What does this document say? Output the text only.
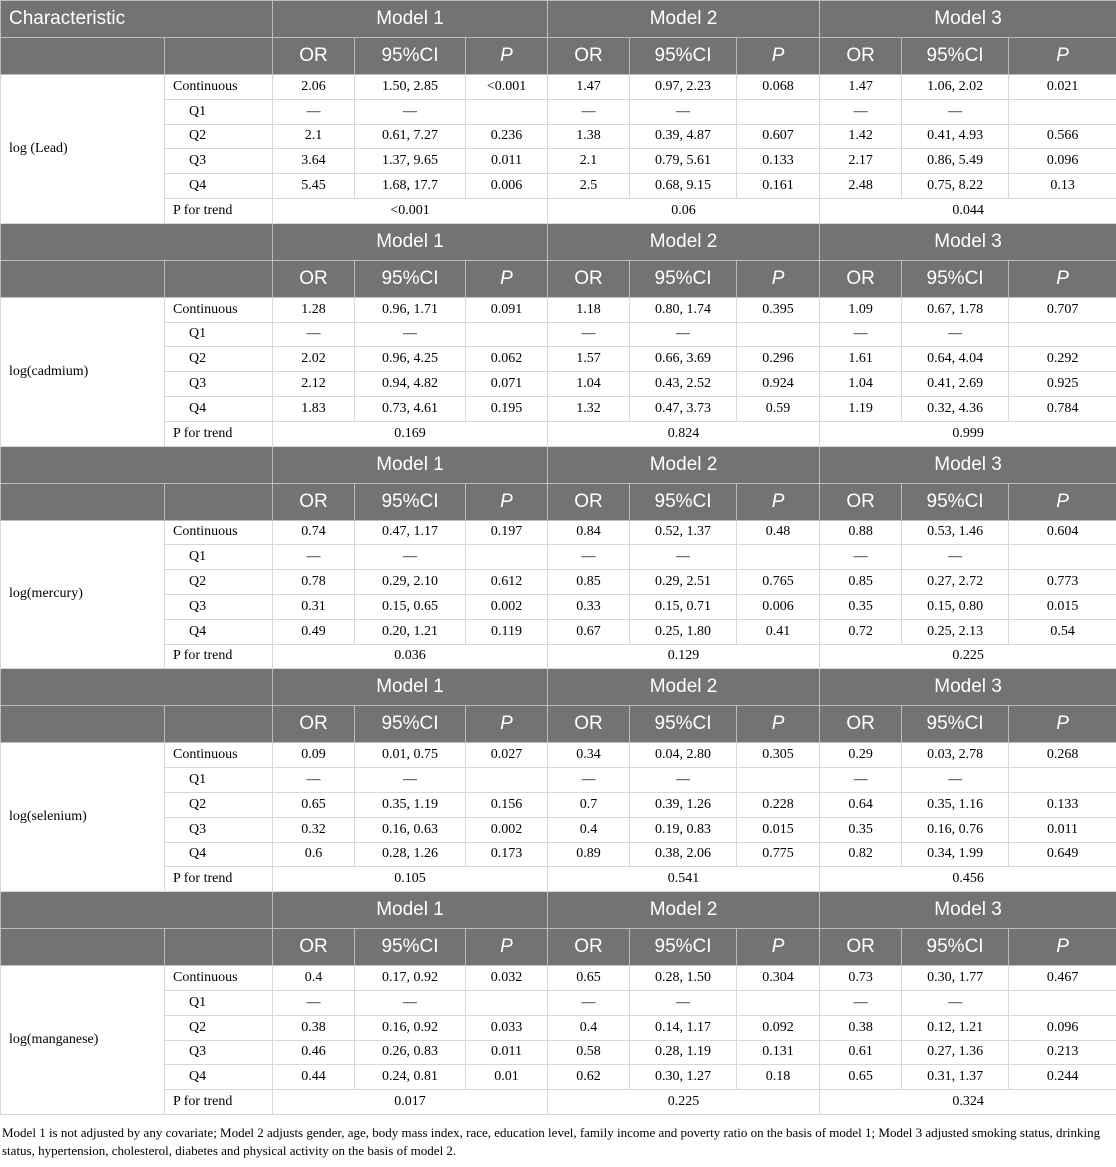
Characteristic		Model 1			Model 2			Model 3		
		OR	95%CI	P	OR	95%CI	P	OR	95%CI	P
log (Lead)	Continuous	2.06	1.50, 2.85	<0.001	1.47	0.97, 2.23	0.068	1.47	1.06, 2.02	0.021
	Q1	—	—		—	—		—	—	
	Q2	2.1	0.61, 7.27	0.236	1.38	0.39, 4.87	0.607	1.42	0.41, 4.93	0.566
	Q3	3.64	1.37, 9.65	0.011	2.1	0.79, 5.61	0.133	2.17	0.86, 5.49	0.096
	Q4	5.45	1.68, 17.7	0.006	2.5	0.68, 9.15	0.161	2.48	0.75, 8.22	0.13
	P for trend	<0.001			0.06			0.044		
		Model 1			Model 2			Model 3		
		OR	95%CI	P	OR	95%CI	P	OR	95%CI	P
log(cadmium)	Continuous	1.28	0.96, 1.71	0.091	1.18	0.80, 1.74	0.395	1.09	0.67, 1.78	0.707
	Q1	—	—		—	—		—	—	
	Q2	2.02	0.96, 4.25	0.062	1.57	0.66, 3.69	0.296	1.61	0.64, 4.04	0.292
	Q3	2.12	0.94, 4.82	0.071	1.04	0.43, 2.52	0.924	1.04	0.41, 2.69	0.925
	Q4	1.83	0.73, 4.61	0.195	1.32	0.47, 3.73	0.59	1.19	0.32, 4.36	0.784
	P for trend	0.169			0.824			0.999		
		Model 1			Model 2			Model 3		
		OR	95%CI	P	OR	95%CI	P	OR	95%CI	P
log(mercury)	Continuous	0.74	0.47, 1.17	0.197	0.84	0.52, 1.37	0.48	0.88	0.53, 1.46	0.604
	Q1	—	—		—	—		—	—	
	Q2	0.78	0.29, 2.10	0.612	0.85	0.29, 2.51	0.765	0.85	0.27, 2.72	0.773
	Q3	0.31	0.15, 0.65	0.002	0.33	0.15, 0.71	0.006	0.35	0.15, 0.80	0.015
	Q4	0.49	0.20, 1.21	0.119	0.67	0.25, 1.80	0.41	0.72	0.25, 2.13	0.54
	P for trend	0.036			0.129			0.225		
		Model 1			Model 2			Model 3		
		OR	95%CI	P	OR	95%CI	P	OR	95%CI	P
log(selenium)	Continuous	0.09	0.01, 0.75	0.027	0.34	0.04, 2.80	0.305	0.29	0.03, 2.78	0.268
	Q1	—	—		—	—		—	—	
	Q2	0.65	0.35, 1.19	0.156	0.7	0.39, 1.26	0.228	0.64	0.35, 1.16	0.133
	Q3	0.32	0.16, 0.63	0.002	0.4	0.19, 0.83	0.015	0.35	0.16, 0.76	0.011
	Q4	0.6	0.28, 1.26	0.173	0.89	0.38, 2.06	0.775	0.82	0.34, 1.99	0.649
	P for trend	0.105			0.541			0.456		
		Model 1			Model 2			Model 3		
		OR	95%CI	P	OR	95%CI	P	OR	95%CI	P
log(manganese)	Continuous	0.4	0.17, 0.92	0.032	0.65	0.28, 1.50	0.304	0.73	0.30, 1.77	0.467
	Q1	—	—		—	—		—	—	
	Q2	0.38	0.16, 0.92	0.033	0.4	0.14, 1.17	0.092	0.38	0.12, 1.21	0.096
	Q3	0.46	0.26, 0.83	0.011	0.58	0.28, 1.19	0.131	0.61	0.27, 1.36	0.213
	Q4	0.44	0.24, 0.81	0.01	0.62	0.30, 1.27	0.18	0.65	0.31, 1.37	0.244
	P for trend	0.017			0.225			0.324		
Model 1 is not adjusted by any covariate; Model 2 adjusts gender, age, body mass index, race, education level, family income and poverty ratio on the basis of model 1; Model 3 adjusted smoking status, drinking status, hypertension, cholesterol, diabetes and physical activity on the basis of model 2.
